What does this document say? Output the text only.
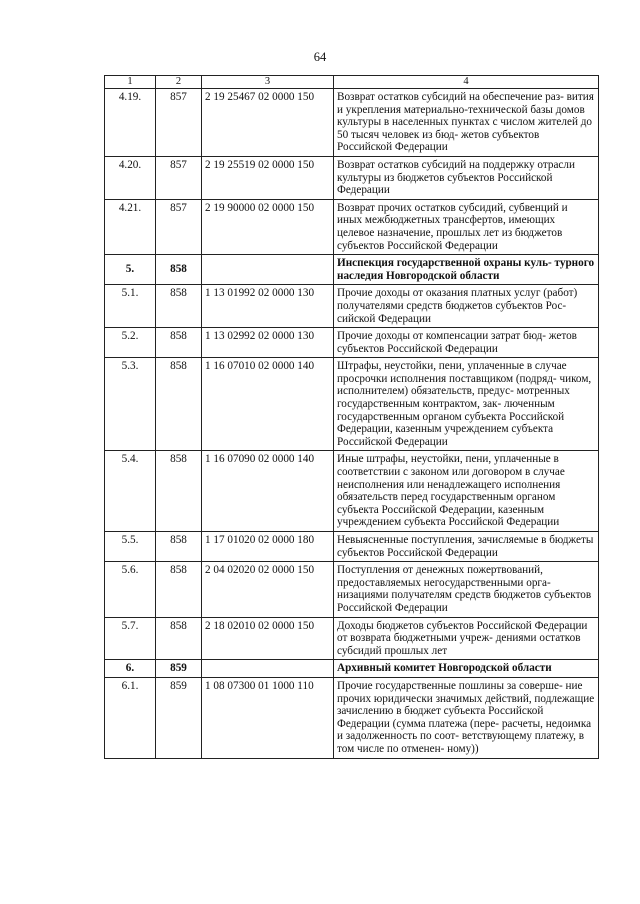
64
1	2	3	4
4.19.	857	2 19 25467 02 0000 150	Возврат остатков субсидий на обеспечение раз- вития и укрепления материально-технической базы домов культуры в населенных пунктах с числом жителей до 50 тысяч человек из бюд- жетов субъектов Российской Федерации
4.20.	857	2 19 25519 02 0000 150	Возврат остатков субсидий на поддержку отрасли культуры из бюджетов субъектов Российской Федерации
4.21.	857	2 19 90000 02 0000 150	Возврат прочих остатков субсидий, субвенций и иных межбюджетных трансфертов, имеющих целевое назначение, прошлых лет из бюджетов субъектов Российской Федерации
5.	858		Инспекция государственной охраны куль- турного наследия Новгородской области
5.1.	858	1 13 01992 02 0000 130	Прочие доходы от оказания платных услуг (работ) получателями средств бюджетов субъектов Рос- сийской Федерации
5.2.	858	1 13 02992 02 0000 130	Прочие доходы от компенсации затрат бюд- жетов субъектов Российской Федерации
5.3.	858	1 16 07010 02 0000 140	Штрафы, неустойки, пени, уплаченные в случае просрочки исполнения поставщиком (подряд- чиком, исполнителем) обязательств, предус- мотренных государственным контрактом, зак- люченным государственным органом субъекта Российской Федерации, казенным учреждением субъекта Российской Федерации
5.4.	858	1 16 07090 02 0000 140	Иные штрафы, неустойки, пени, уплаченные в соответствии с законом или договором в случае неисполнения или ненадлежащего исполнения обязательств перед государственным органом субъекта Российской Федерации, казенным учреждением субъекта Российской Федерации
5.5.	858	1 17 01020 02 0000 180	Невыясненные поступления, зачисляемые в бюджеты субъектов Российской Федерации
5.6.	858	2 04 02020 02 0000 150	Поступления от денежных пожертвований, предоставляемых негосударственными орга- низациями получателям средств бюджетов субъектов Российской Федерации
5.7.	858	2 18 02010 02 0000 150	Доходы бюджетов субъектов Российской Федерации от возврата бюджетными учреж- дениями остатков субсидий прошлых лет
6.	859		Архивный комитет Новгородской области
6.1.	859	1 08 07300 01 1000 110	Прочие государственные пошлины за соверше- ние прочих юридически значимых действий, подлежащие зачислению в бюджет субъекта Российской Федерации (сумма платежа (пере- расчеты, недоимка и задолженность по соот- ветствующему платежу, в том числе по отменен- ному))
